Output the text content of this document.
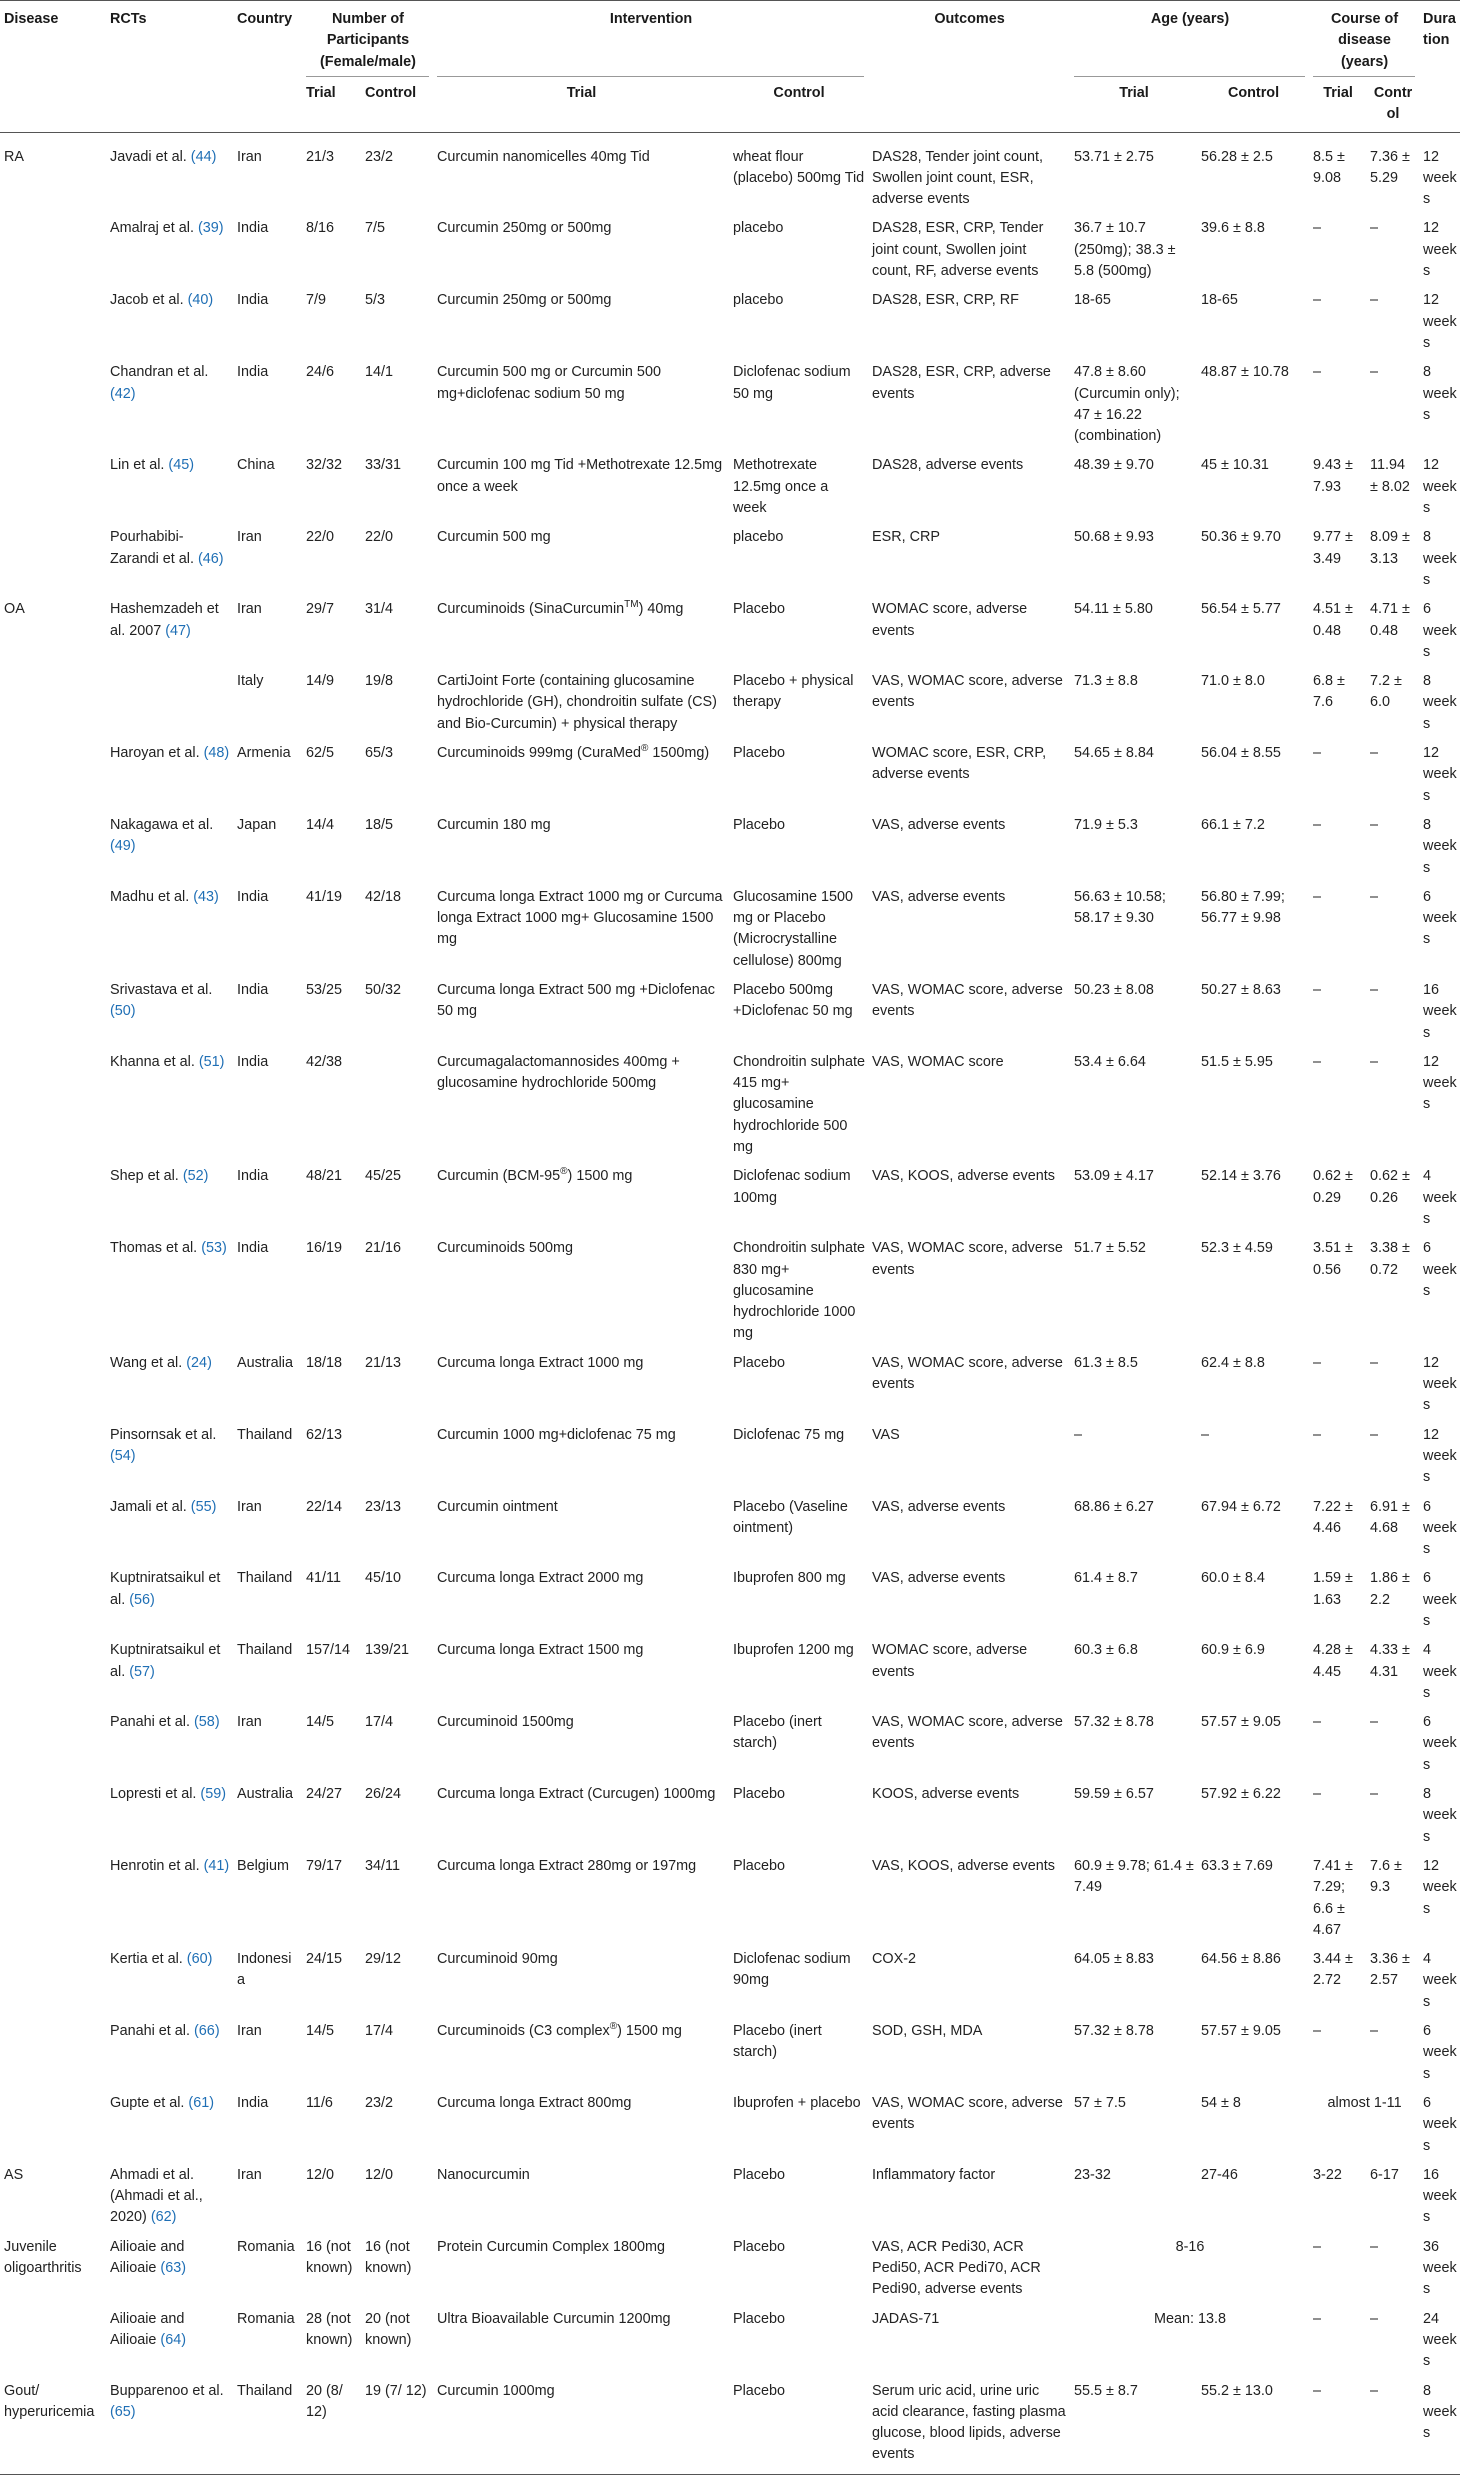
Disease	RCTs	Country	Number of Participants (Female/male)		Intervention		Outcomes	Age (years)		Course of disease (years)		Duration
			Trial	Control	Trial	Control		Trial	Control	Trial	Control	
RA	Javadi et al. (44)	Iran	21/3	23/2	Curcumin nanomicelles 40mg Tid	wheat flour (placebo) 500mg Tid	DAS28, Tender joint count, Swollen joint count, ESR, adverse events	53.71 ± 2.75	56.28 ± 2.5	8.5 ± 9.08	7.36 ± 5.29	12 weeks
	Amalraj et al. (39)	India	8/16	7/5	Curcumin 250mg or 500mg	placebo	DAS28, ESR, CRP, Tender joint count, Swollen joint count, RF, adverse events	36.7 ± 10.7 (250mg); 38.3 ± 5.8 (500mg)	39.6 ± 8.8	–	–	12 weeks
	Jacob et al. (40)	India	7/9	5/3	Curcumin 250mg or 500mg	placebo	DAS28, ESR, CRP, RF	18-65	18-65	–	–	12 weeks
	Chandran et al. (42)	India	24/6	14/1	Curcumin 500 mg or Curcumin 500 mg+diclofenac sodium 50 mg	Diclofenac sodium 50 mg	DAS28, ESR, CRP, adverse events	47.8 ± 8.60 (Curcumin only); 47 ± 16.22 (combination)	48.87 ± 10.78	–	–	8 weeks
	Lin et al. (45)	China	32/32	33/31	Curcumin 100 mg Tid +Methotrexate 12.5mg once a week	Methotrexate 12.5mg once a week	DAS28, adverse events	48.39 ± 9.70	45 ± 10.31	9.43 ± 7.93	11.94 ± 8.02	12 weeks
	Pourhabibi-Zarandi et al. (46)	Iran	22/0	22/0	Curcumin 500 mg	placebo	ESR, CRP	50.68 ± 9.93	50.36 ± 9.70	9.77 ± 3.49	8.09 ± 3.13	8 weeks
OA	Hashemzadeh et al. 2007 (47)	Iran	29/7	31/4	Curcuminoids (SinaCurcumin™) 40mg	Placebo	WOMAC score, adverse events	54.11 ± 5.80	56.54 ± 5.77	4.51 ± 0.48	4.71 ± 0.48	6 weeks
		Italy	14/9	19/8	CartiJoint Forte (containing glucosamine hydrochloride (GH), chondroitin sulfate (CS) and Bio-Curcumin) + physical therapy	Placebo + physical therapy	VAS, WOMAC score, adverse events	71.3 ± 8.8	71.0 ± 8.0	6.8 ± 7.6	7.2 ± 6.0	8 weeks
	Haroyan et al. (48)	Armenia	62/5	65/3	Curcuminoids 999mg (CuraMed® 1500mg)	Placebo	WOMAC score, ESR, CRP, adverse events	54.65 ± 8.84	56.04 ± 8.55	–	–	12 weeks
	Nakagawa et al. (49)	Japan	14/4	18/5	Curcumin 180 mg	Placebo	VAS, adverse events	71.9 ± 5.3	66.1 ± 7.2	–	–	8 weeks
	Madhu et al. (43)	India	41/19	42/18	Curcuma longa Extract 1000 mg or Curcuma longa Extract 1000 mg+ Glucosamine 1500 mg	Glucosamine 1500 mg or Placebo (Microcrystalline cellulose) 800mg	VAS, adverse events	56.63 ± 10.58; 58.17 ± 9.30	56.80 ± 7.99; 56.77 ± 9.98	–	–	6 weeks
	Srivastava et al. (50)	India	53/25	50/32	Curcuma longa Extract 500 mg +Diclofenac 50 mg	Placebo 500mg +Diclofenac 50 mg	VAS, WOMAC score, adverse events	50.23 ± 8.08	50.27 ± 8.63	–	–	16 weeks
	Khanna et al. (51)	India	42/38		Curcumagalactomannosides 400mg + glucosamine hydrochloride 500mg	Chondroitin sulphate 415 mg+ glucosamine hydrochloride 500 mg	VAS, WOMAC score	53.4 ± 6.64	51.5 ± 5.95	–	–	12 weeks
	Shep et al. (52)	India	48/21	45/25	Curcumin (BCM-95®) 1500 mg	Diclofenac sodium 100mg	VAS, KOOS, adverse events	53.09 ± 4.17	52.14 ± 3.76	0.62 ± 0.29	0.62 ± 0.26	4 weeks
	Thomas et al. (53)	India	16/19	21/16	Curcuminoids 500mg	Chondroitin sulphate 830 mg+ glucosamine hydrochloride 1000 mg	VAS, WOMAC score, adverse events	51.7 ± 5.52	52.3 ± 4.59	3.51 ± 0.56	3.38 ± 0.72	6 weeks
	Wang et al. (24)	Australia	18/18	21/13	Curcuma longa Extract 1000 mg	Placebo	VAS, WOMAC score, adverse events	61.3 ± 8.5	62.4 ± 8.8	–	–	12 weeks
	Pinsornsak et al. (54)	Thailand	62/13		Curcumin 1000 mg+diclofenac 75 mg	Diclofenac 75 mg	VAS	–	–	–	–	12 weeks
	Jamali et al. (55)	Iran	22/14	23/13	Curcumin ointment	Placebo (Vaseline ointment)	VAS, adverse events	68.86 ± 6.27	67.94 ± 6.72	7.22 ± 4.46	6.91 ± 4.68	6 weeks
	Kuptniratsaikul et al. (56)	Thailand	41/11	45/10	Curcuma longa Extract 2000 mg	Ibuprofen 800 mg	VAS, adverse events	61.4 ± 8.7	60.0 ± 8.4	1.59 ± 1.63	1.86 ± 2.2	6 weeks
	Kuptniratsaikul et al. (57)	Thailand	157/14	139/21	Curcuma longa Extract 1500 mg	Ibuprofen 1200 mg	WOMAC score, adverse events	60.3 ± 6.8	60.9 ± 6.9	4.28 ± 4.45	4.33 ± 4.31	4 weeks
	Panahi et al. (58)	Iran	14/5	17/4	Curcuminoid 1500mg	Placebo (inert starch)	VAS, WOMAC score, adverse events	57.32 ± 8.78	57.57 ± 9.05	–	–	6 weeks
	Lopresti et al. (59)	Australia	24/27	26/24	Curcuma longa Extract (Curcugen) 1000mg	Placebo	KOOS, adverse events	59.59 ± 6.57	57.92 ± 6.22	–	–	8 weeks
	Henrotin et al. (41)	Belgium	79/17	34/11	Curcuma longa Extract 280mg or 197mg	Placebo	VAS, KOOS, adverse events	60.9 ± 9.78; 61.4 ± 7.49	63.3 ± 7.69	7.41 ± 7.29; 6.6 ± 4.67	7.6 ± 9.3	12 weeks
	Kertia et al. (60)	Indonesia	24/15	29/12	Curcuminoid 90mg	Diclofenac sodium 90mg	COX-2	64.05 ± 8.83	64.56 ± 8.86	3.44 ± 2.72	3.36 ± 2.57	4 weeks
	Panahi et al. (66)	Iran	14/5	17/4	Curcuminoids (C3 complex®) 1500 mg	Placebo (inert starch)	SOD, GSH, MDA	57.32 ± 8.78	57.57 ± 9.05	–	–	6 weeks
	Gupte et al. (61)	India	11/6	23/2	Curcuma longa Extract 800mg	Ibuprofen + placebo	VAS, WOMAC score, adverse events	57 ± 7.5	54 ± 8	almost 1-11		6 weeks
AS	Ahmadi et al. (Ahmadi et al., 2020) (62)	Iran	12/0	12/0	Nanocurcumin	Placebo	Inflammatory factor	23-32	27-46	3-22	6-17	16 weeks
Juvenile oligoarthritis	Ailioaie and Ailioaie (63)	Romania	16 (not known)	16 (not known)	Protein Curcumin Complex 1800mg	Placebo	VAS, ACR Pedi30, ACR Pedi50, ACR Pedi70, ACR Pedi90, adverse events	8-16		–	–	36 weeks
	Ailioaie and Ailioaie (64)	Romania	28 (not known)	20 (not known)	Ultra Bioavailable Curcumin 1200mg	Placebo	JADAS-71	Mean: 13.8		–	–	24 weeks
Gout/ hyperuricemia	Bupparenoo et al. (65)	Thailand	20 (8/ 12)	19 (7/ 12)	Curcumin 1000mg	Placebo	Serum uric acid, urine uric acid clearance, fasting plasma glucose, blood lipids, adverse events	55.5 ± 8.7	55.2 ± 13.0	–	–	8 weeks
